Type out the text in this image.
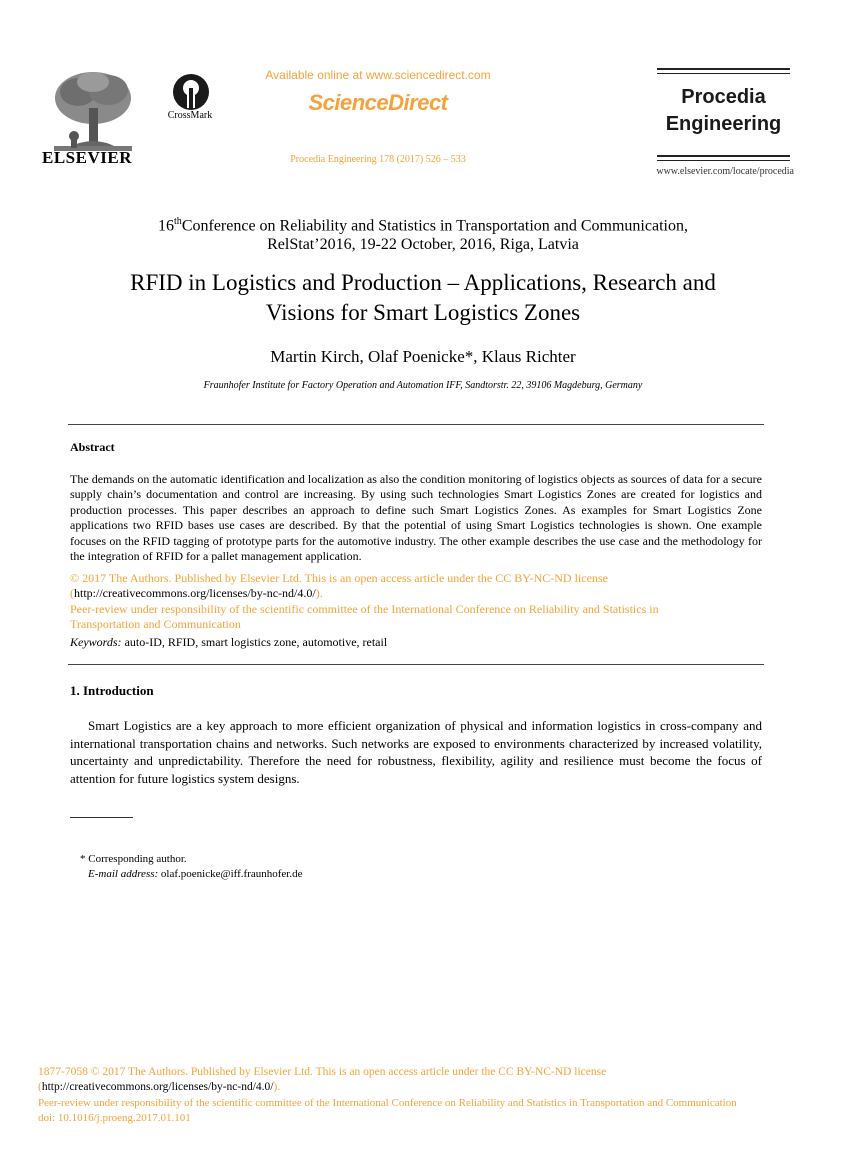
ELSEVIER
CrossMark
Available online at www.sciencedirect.com
ScienceDirect
Procedia Engineering 178 (2017) 526 – 533
Procedia
Engineering
www.elsevier.com/locate/procedia
16thConference on Reliability and Statistics in Transportation and Communication,
RelStat’2016, 19-22 October, 2016, Riga, Latvia
RFID in Logistics and Production – Applications, Research and
Visions for Smart Logistics Zones
Martin Kirch, Olaf Poenicke*, Klaus Richter
Fraunhofer Institute for Factory Operation and Automation IFF, Sandtorstr. 22, 39106 Magdeburg, Germany
Abstract
The demands on the automatic identification and localization as also the condition monitoring of logistics objects as sources of data for a secure supply chain’s documentation and control are increasing. By using such technologies Smart Logistics Zones are created for logistics and production processes. This paper describes an approach to define such Smart Logistics Zones. As examples for Smart Logistics Zone applications two RFID bases use cases are described. By that the potential of using Smart Logistics technologies is shown. One example focuses on the RFID tagging of prototype parts for the automotive industry. The other example describes the use case and the methodology for the integration of RFID for a pallet management application.
© 2017 The Authors. Published by Elsevier Ltd. This is an open access article under the CC BY-NC-ND license
(http://creativecommons.org/licenses/by-nc-nd/4.0/).
Peer-review under responsibility of the scientific committee of the International Conference on Reliability and Statistics in
Transportation and Communication
Keywords: auto-ID, RFID, smart logistics zone, automotive, retail
1. Introduction
Smart Logistics are a key approach to more efficient organization of physical and information logistics in cross-company and international transportation chains and networks. Such networks are exposed to environments characterized by increased volatility, uncertainty and unpredictability. Therefore the need for robustness, flexibility, agility and resilience must become the focus of attention for future logistics system designs.
* Corresponding author.
E-mail address: olaf.poenicke@iff.fraunhofer.de
1877-7058 © 2017 The Authors. Published by Elsevier Ltd. This is an open access article under the CC BY-NC-ND license
(http://creativecommons.org/licenses/by-nc-nd/4.0/).
Peer-review under responsibility of the scientific committee of the International Conference on Reliability and Statistics in Transportation and Communication
doi: 10.1016/j.proeng.2017.01.101
